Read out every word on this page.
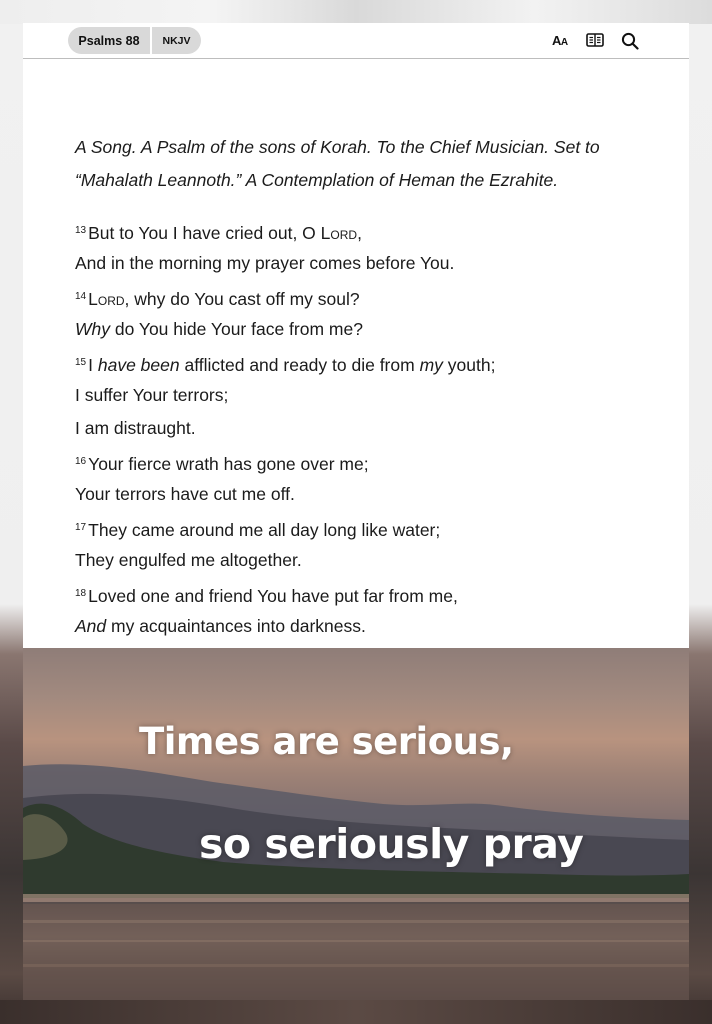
Psalms 88	NKJV	AA
A Song. A Psalm of the sons of Korah. To the Chief Musician. Set to
“Mahalath Leannoth.” A Contemplation of Heman the Ezrahite.
$^{13}$ But to You I have cried out, O Lord,
And in the morning my prayer comes before You.
$^{14}$ Lord, why do You cast off my soul?
Why do You hide Your face from me?
$^{15}$ I have been afflicted and ready to die from my youth;
I suffer Your terrors;
I am distraught.
$^{16}$ Your fierce wrath has gone over me;
Your terrors have cut me off.
$^{17}$ They came around me all day long like water;
They engulfed me altogether.
$^{18}$ Loved one and friend You have put far from me,
And my acquaintances into darkness.
Times are serious,
so seriously pray
